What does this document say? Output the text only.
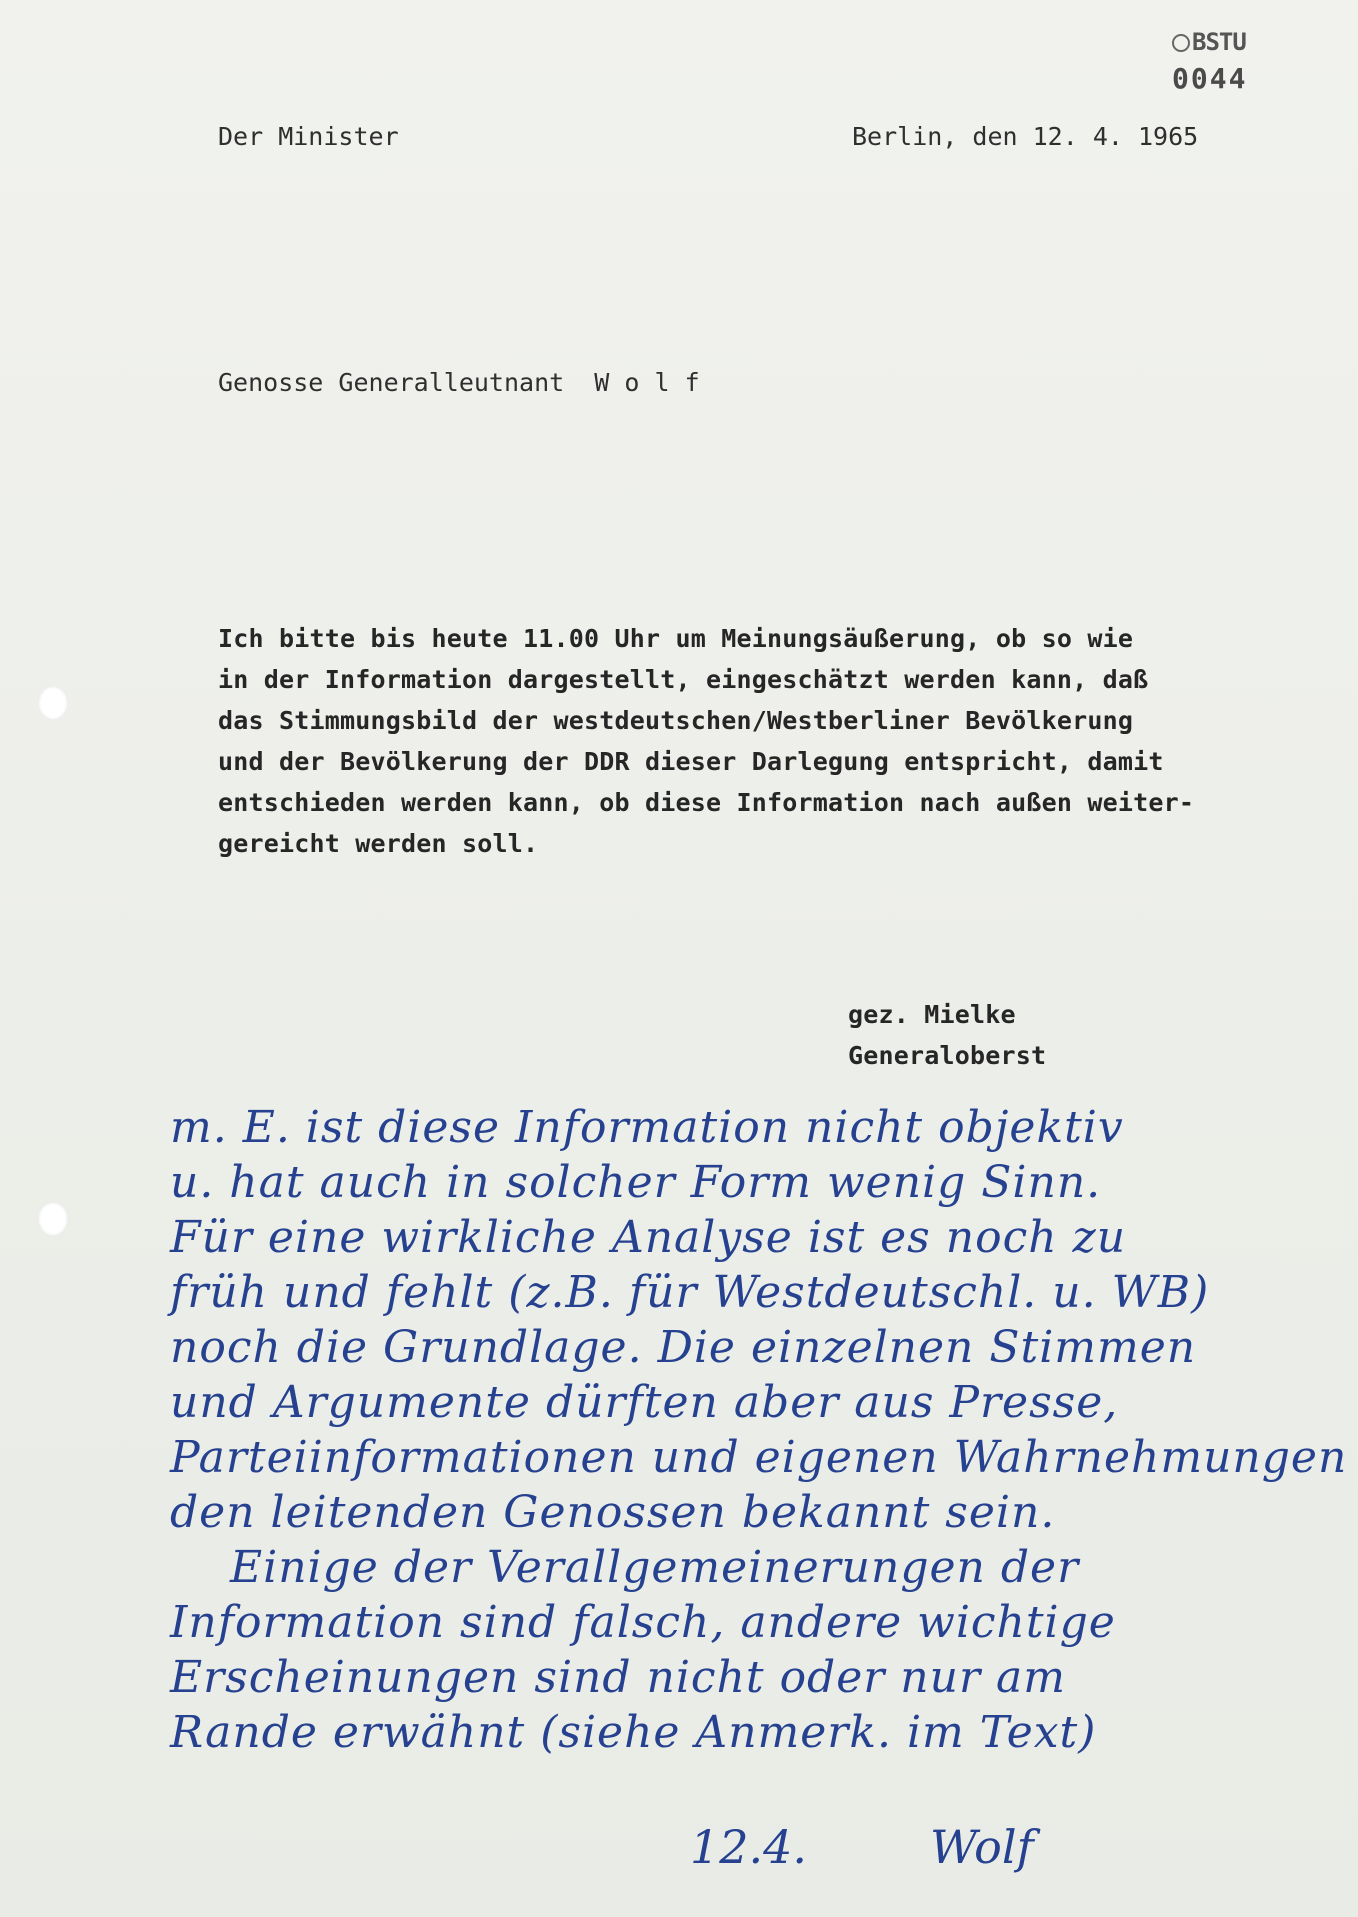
BSTU
0044
Der Minister	Berlin, den 12. 4. 1965
Genosse Generalleutnant  W o l f
Ich bitte bis heute 11.00 Uhr um Meinungsäußerung, ob so wie
in der Information dargestellt, eingeschätzt werden kann, daß
das Stimmungsbild der westdeutschen/Westberliner Bevölkerung
und der Bevölkerung der DDR dieser Darlegung entspricht, damit
entschieden werden kann, ob diese Information nach außen weiter-
gereicht werden soll.
gez. Mielke
Generaloberst
m. E. ist diese Information nicht objektiv
u. hat auch in solcher Form wenig Sinn.
Für eine wirkliche Analyse ist es noch zu
früh und fehlt (z.B. für Westdeutschl. u. WB)
noch die Grundlage. Die einzelnen Stimmen
und Argumente dürften aber aus Presse,
Parteiinformationen und eigenen Wahrnehmungen
den leitenden Genossen bekannt sein.
Einige der Verallgemeinerungen der
Information sind falsch, andere wichtige
Erscheinungen sind nicht oder nur am
Rande erwähnt (siehe Anmerk. im Text)
12.4.	Wolf
